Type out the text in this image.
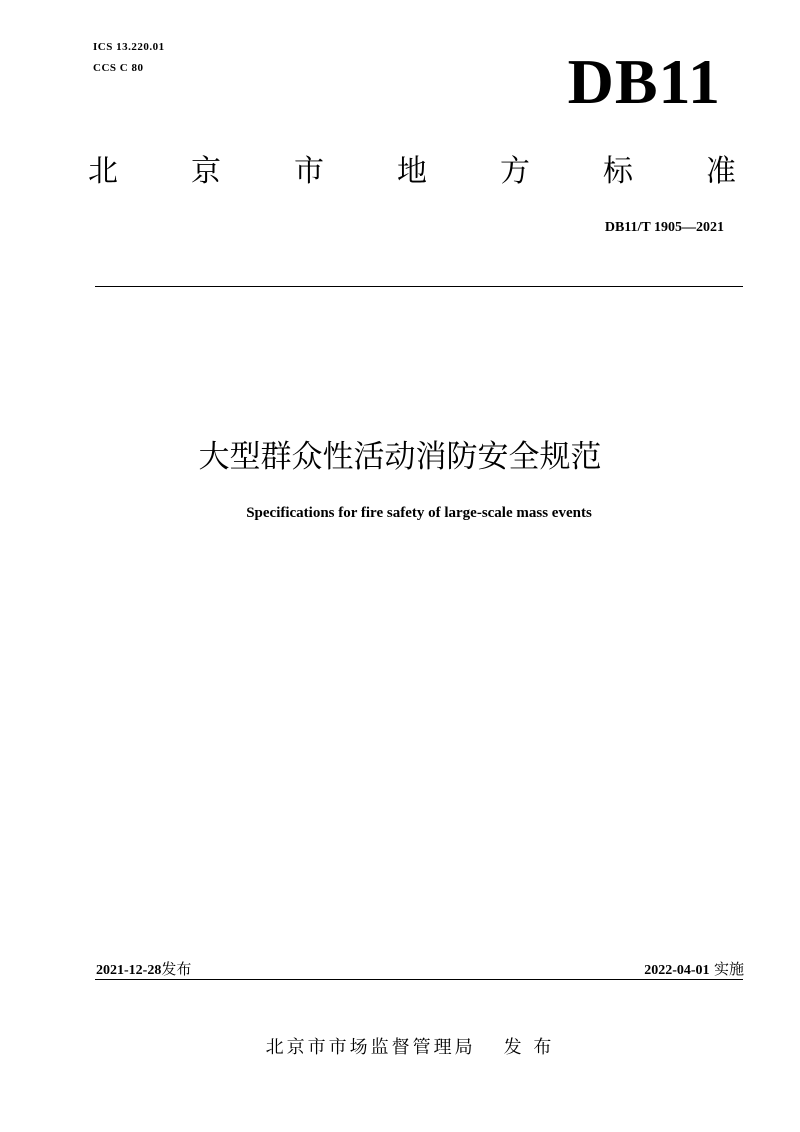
ICS 13.220.01
CCS C 80	DB11
北 京 市 地 方 标 准
DB11/T 1905—2021
大型群众性活动消防安全规范
Specifications for fire safety of large-scale mass events
2021-12-28发布	2022-04-01 实施
北京市市场监督管理局 发 布
